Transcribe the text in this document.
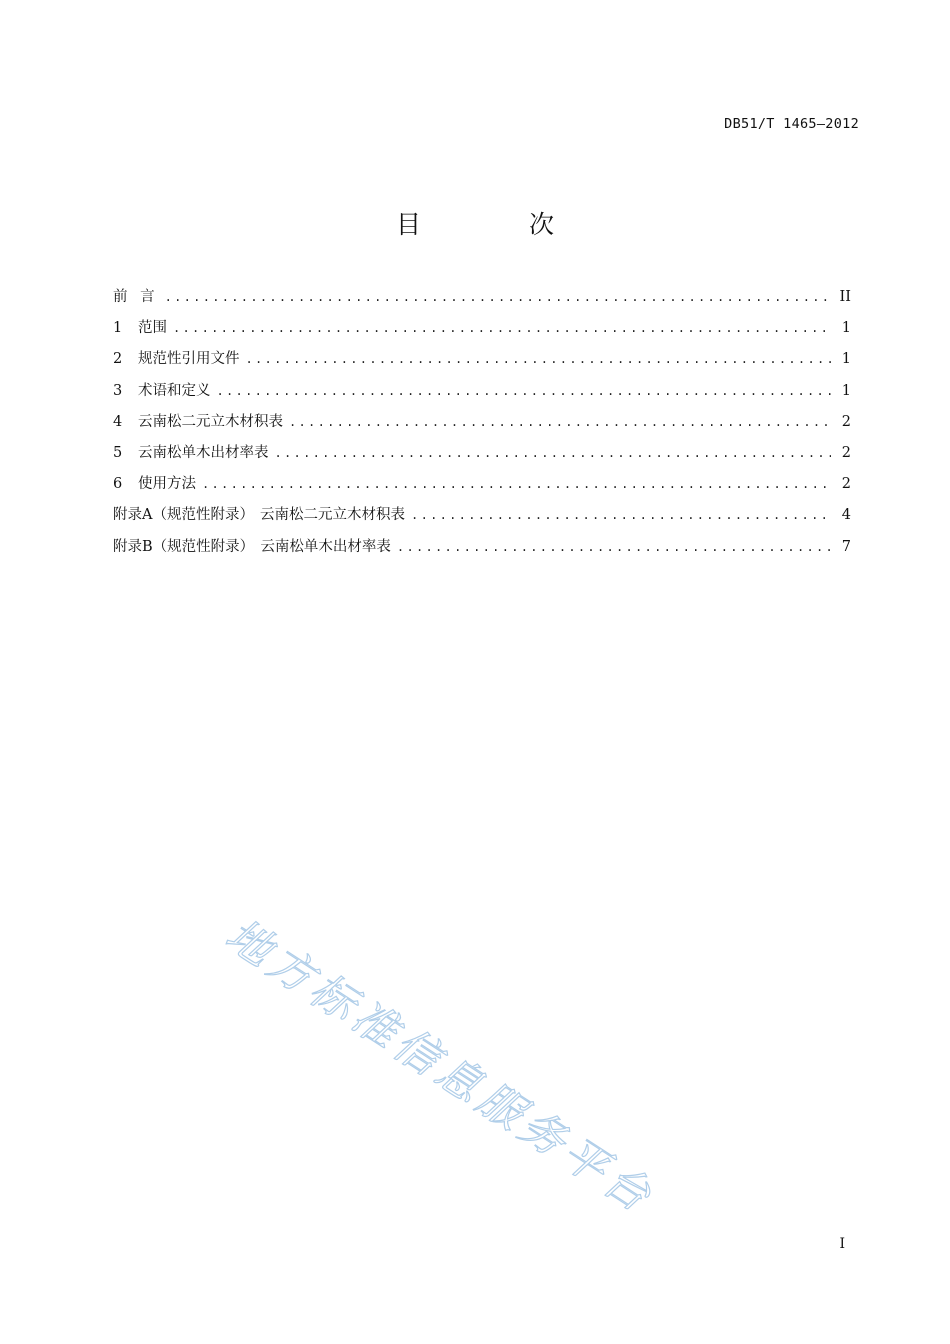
DB51/T 1465—2012
目 次
前 言 .....	II
1	范围 .....	1
2	规范性引用文件 .....	1
3	术语和定义 .....	1
4	云南松二元立木材积表 .....	2
5	云南松单木出材率表 .....	2
6	使用方法 .....	2
附录A（规范性附录） 云南松二元立木材积表 .....	4
附录B（规范性附录） 云南松单木出材率表 .....	7
地方标准信息服务平台
I
